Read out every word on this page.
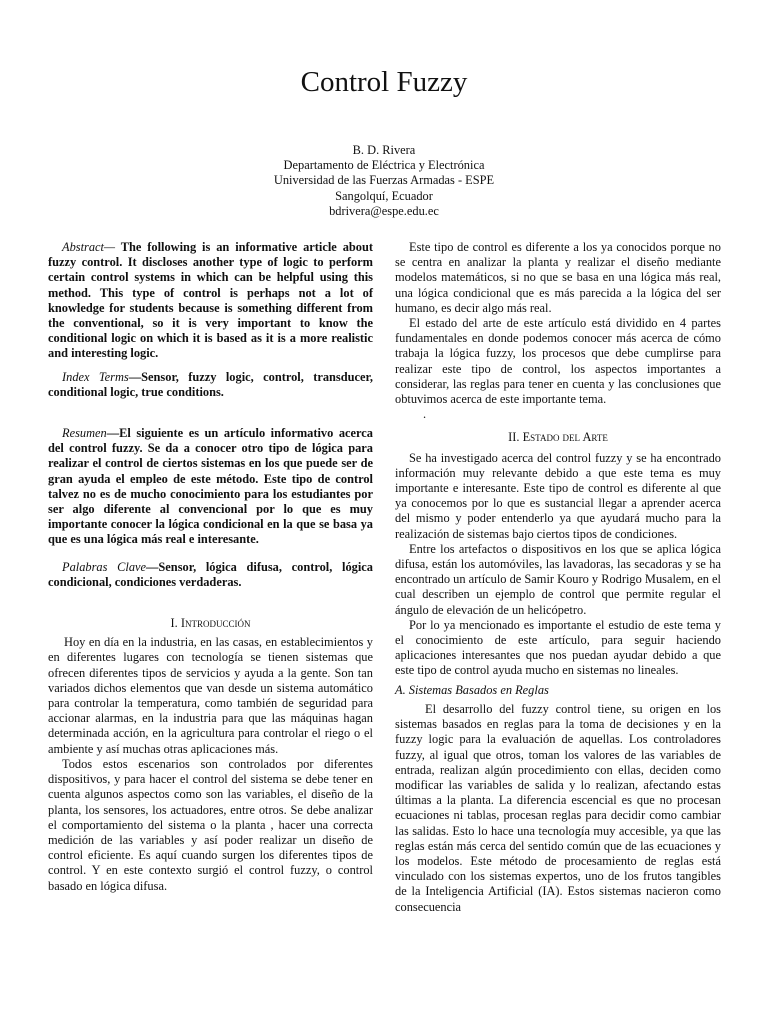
Control Fuzzy
B. D. Rivera
Departamento de Eléctrica y Electrónica
Universidad de las Fuerzas Armadas - ESPE
Sangolquí, Ecuador
bdrivera@espe.edu.ec

Abstract— The following is an informative article about fuzzy control. It discloses another type of logic to perform certain control systems in which can be helpful using this method. This type of control is perhaps not a lot of knowledge for students because is something different from the conventional, so it is very important to know the conditional logic on which it is based as it is a more realistic and interesting logic.

Index Terms—Sensor, fuzzy logic, control, transducer, conditional logic, true conditions.

Resumen—El siguiente es un artículo informativo acerca del control fuzzy. Se da a conocer otro tipo de lógica para realizar el control de ciertos sistemas en los que puede ser de gran ayuda el empleo de este método. Este tipo de control talvez no es de mucho conocimiento para los estudiantes por ser algo diferente al convencional por lo que es muy importante conocer la lógica condicional en la que se basa ya que es una lógica más real e interesante.

Palabras Clave—Sensor, lógica difusa, control, lógica condicional, condiciones verdaderas.

I. Introducción

Hoy en día en la industria, en las casas, en establecimientos y en diferentes lugares con tecnología se tienen sistemas que ofrecen diferentes tipos de servicios y ayuda a la gente. Son tan variados dichos elementos que van desde un sistema automático para controlar la temperatura, como también de seguridad para accionar alarmas, en la industria para que las máquinas hagan determinada acción, en la agricultura para controlar el riego o el ambiente y así muchas otras aplicaciones más.

Todos estos escenarios son controlados por diferentes dispositivos, y para hacer el control del sistema se debe tener en cuenta algunos aspectos como son las variables, el diseño de la planta, los sensores, los actuadores, entre otros. Se debe analizar el comportamiento del sistema o la planta , hacer una correcta medición de las variables y así poder realizar un diseño de control eficiente. Es aquí cuando surgen los diferentes tipos de control. Y en este contexto surgió el control fuzzy, o control basado en lógica difusa.

Este tipo de control es diferente a los ya conocidos porque no se centra en analizar la planta y realizar el diseño mediante modelos matemáticos, si no que se basa en una lógica más real, una lógica condicional que es más parecida a la lógica del ser humano, es decir algo más real.

El estado del arte de este artículo está dividido en 4 partes fundamentales en donde podemos conocer más acerca de cómo trabaja la lógica fuzzy, los procesos que debe cumplirse para realizar este tipo de control, los aspectos importantes a considerar, las reglas para tener en cuenta y las conclusiones que obtuvimos acerca de este importante tema.

.

II. Estado del Arte

Se ha investigado acerca del control fuzzy y se ha encontrado información muy relevante debido a que este tema es muy importante e interesante. Este tipo de control es diferente al que ya conocemos por lo que es sustancial llegar a aprender acerca del mismo y poder entenderlo ya que ayudará mucho para la realización de sistemas bajo ciertos tipos de condiciones.

Entre los artefactos o dispositivos en los que se aplica lógica difusa, están los automóviles, las lavadoras, las secadoras y se ha encontrado un artículo de Samir Kouro y Rodrigo Musalem, en el cual describen un ejemplo de control que permite regular el ángulo de elevación de un helicópetro.

Por lo ya mencionado es importante el estudio de este tema y el conocimiento de este artículo, para seguir haciendo aplicaciones interesantes que nos puedan ayudar debido a que este tipo de control ayuda mucho en sistemas no lineales.

A. Sistemas Basados en Reglas

El desarrollo del fuzzy control tiene, su origen en los sistemas basados en reglas para la toma de decisiones y en la fuzzy logic para la evaluación de aquellas. Los controladores fuzzy, al igual que otros, toman los valores de las variables de entrada, realizan algún procedimiento con ellas, deciden como modificar las variables de salida y lo realizan, afectando estas últimas a la planta. La diferencia escencial es que no procesan ecuaciones ni tablas, procesan reglas para decidir como cambiar las salidas. Esto lo hace una tecnología muy accesible, ya que las reglas están más cerca del sentido común que de las ecuaciones y los modelos. Este método de procesamiento de reglas está vinculado con los sistemas expertos, uno de los frutos tangibles de la Inteligencia Artificial (IA). Estos sistemas nacieron como consecuencia
